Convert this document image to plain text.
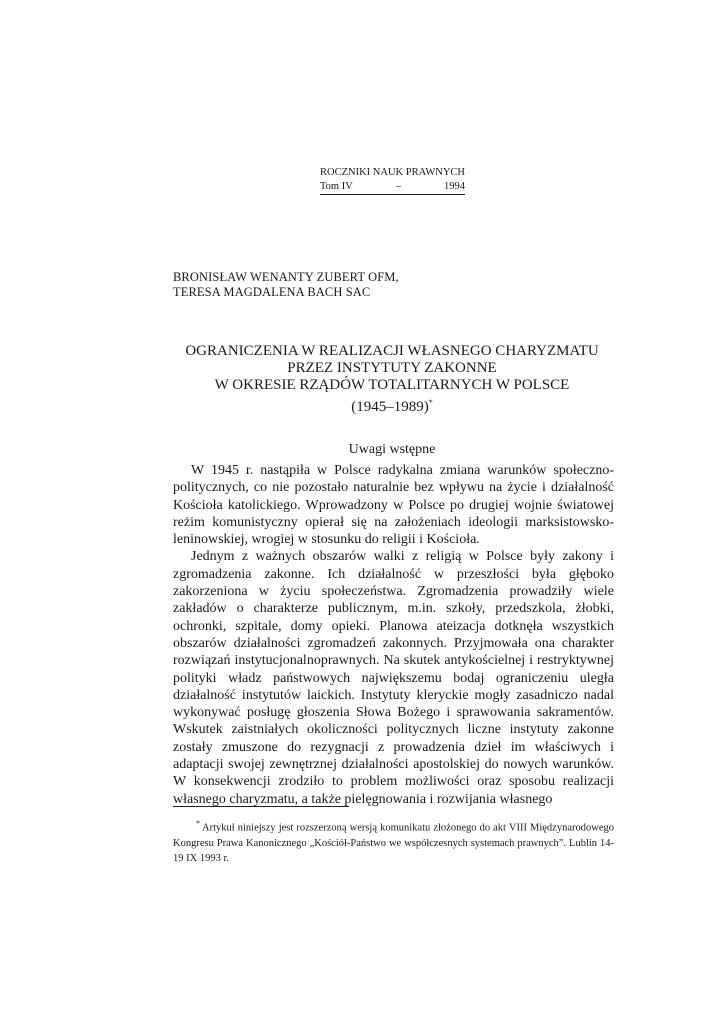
ROCZNIKI NAUK PRAWNYCH
Tom IV	–	1994
BRONISŁAW WENANTY ZUBERT OFM,
TERESA MAGDALENA BACH SAC
OGRANICZENIA W REALIZACJI WŁASNEGO CHARYZMATU
PRZEZ INSTYTUTY ZAKONNE
W OKRESIE RZĄDÓW TOTALITARNYCH W POLSCE
(1945–1989)*
Uwagi wstępne

W 1945 r. nastąpiła w Polsce radykalna zmiana warunków społeczno-politycznych, co nie pozostało naturalnie bez wpływu na życie i działalność Kościoła katolickiego. Wprowadzony w Polsce po drugiej wojnie światowej reżim komunistyczny opierał się na założeniach ideologii marksistowsko-leninowskiej, wrogiej w stosunku do religii i Kościoła.

Jednym z ważnych obszarów walki z religią w Polsce były zakony i zgromadzenia zakonne. Ich działalność w przeszłości była głęboko zakorzeniona w życiu społeczeństwa. Zgromadzenia prowadziły wiele zakładów o charakterze publicznym, m.in. szkoły, przedszkola, żłobki, ochronki, szpitale, domy opieki. Planowa ateizacja dotknęła wszystkich obszarów działalności zgromadzeń zakonnych. Przyjmowała ona charakter rozwiązań instytucjonalnoprawnych. Na skutek antykościelnej i restryktywnej polityki władz państwowych największemu bodaj ograniczeniu uległa działalność instytutów laickich. Instytuty kleryckie mogły zasadniczo nadal wykonywać posługę głoszenia Słowa Bożego i sprawowania sakramentów. Wskutek zaistniałych okoliczności politycznych liczne instytuty zakonne zostały zmuszone do rezygnacji z prowadzenia dzieł im właściwych i adaptacji swojej zewnętrznej działalności apostolskiej do nowych warunków. W konsekwencji zrodziło to problem możliwości oraz sposobu realizacji własnego charyzmatu, a także pielęgnowania i rozwijania własnego

* Artykuł niniejszy jest rozszerzoną wersją komunikatu złożonego do akt VIII Międzynarodowego Kongresu Prawa Kanonicznego „Kościół-Państwo we współczesnych systemach prawnych”. Lublin 14-19 IX 1993 r.
